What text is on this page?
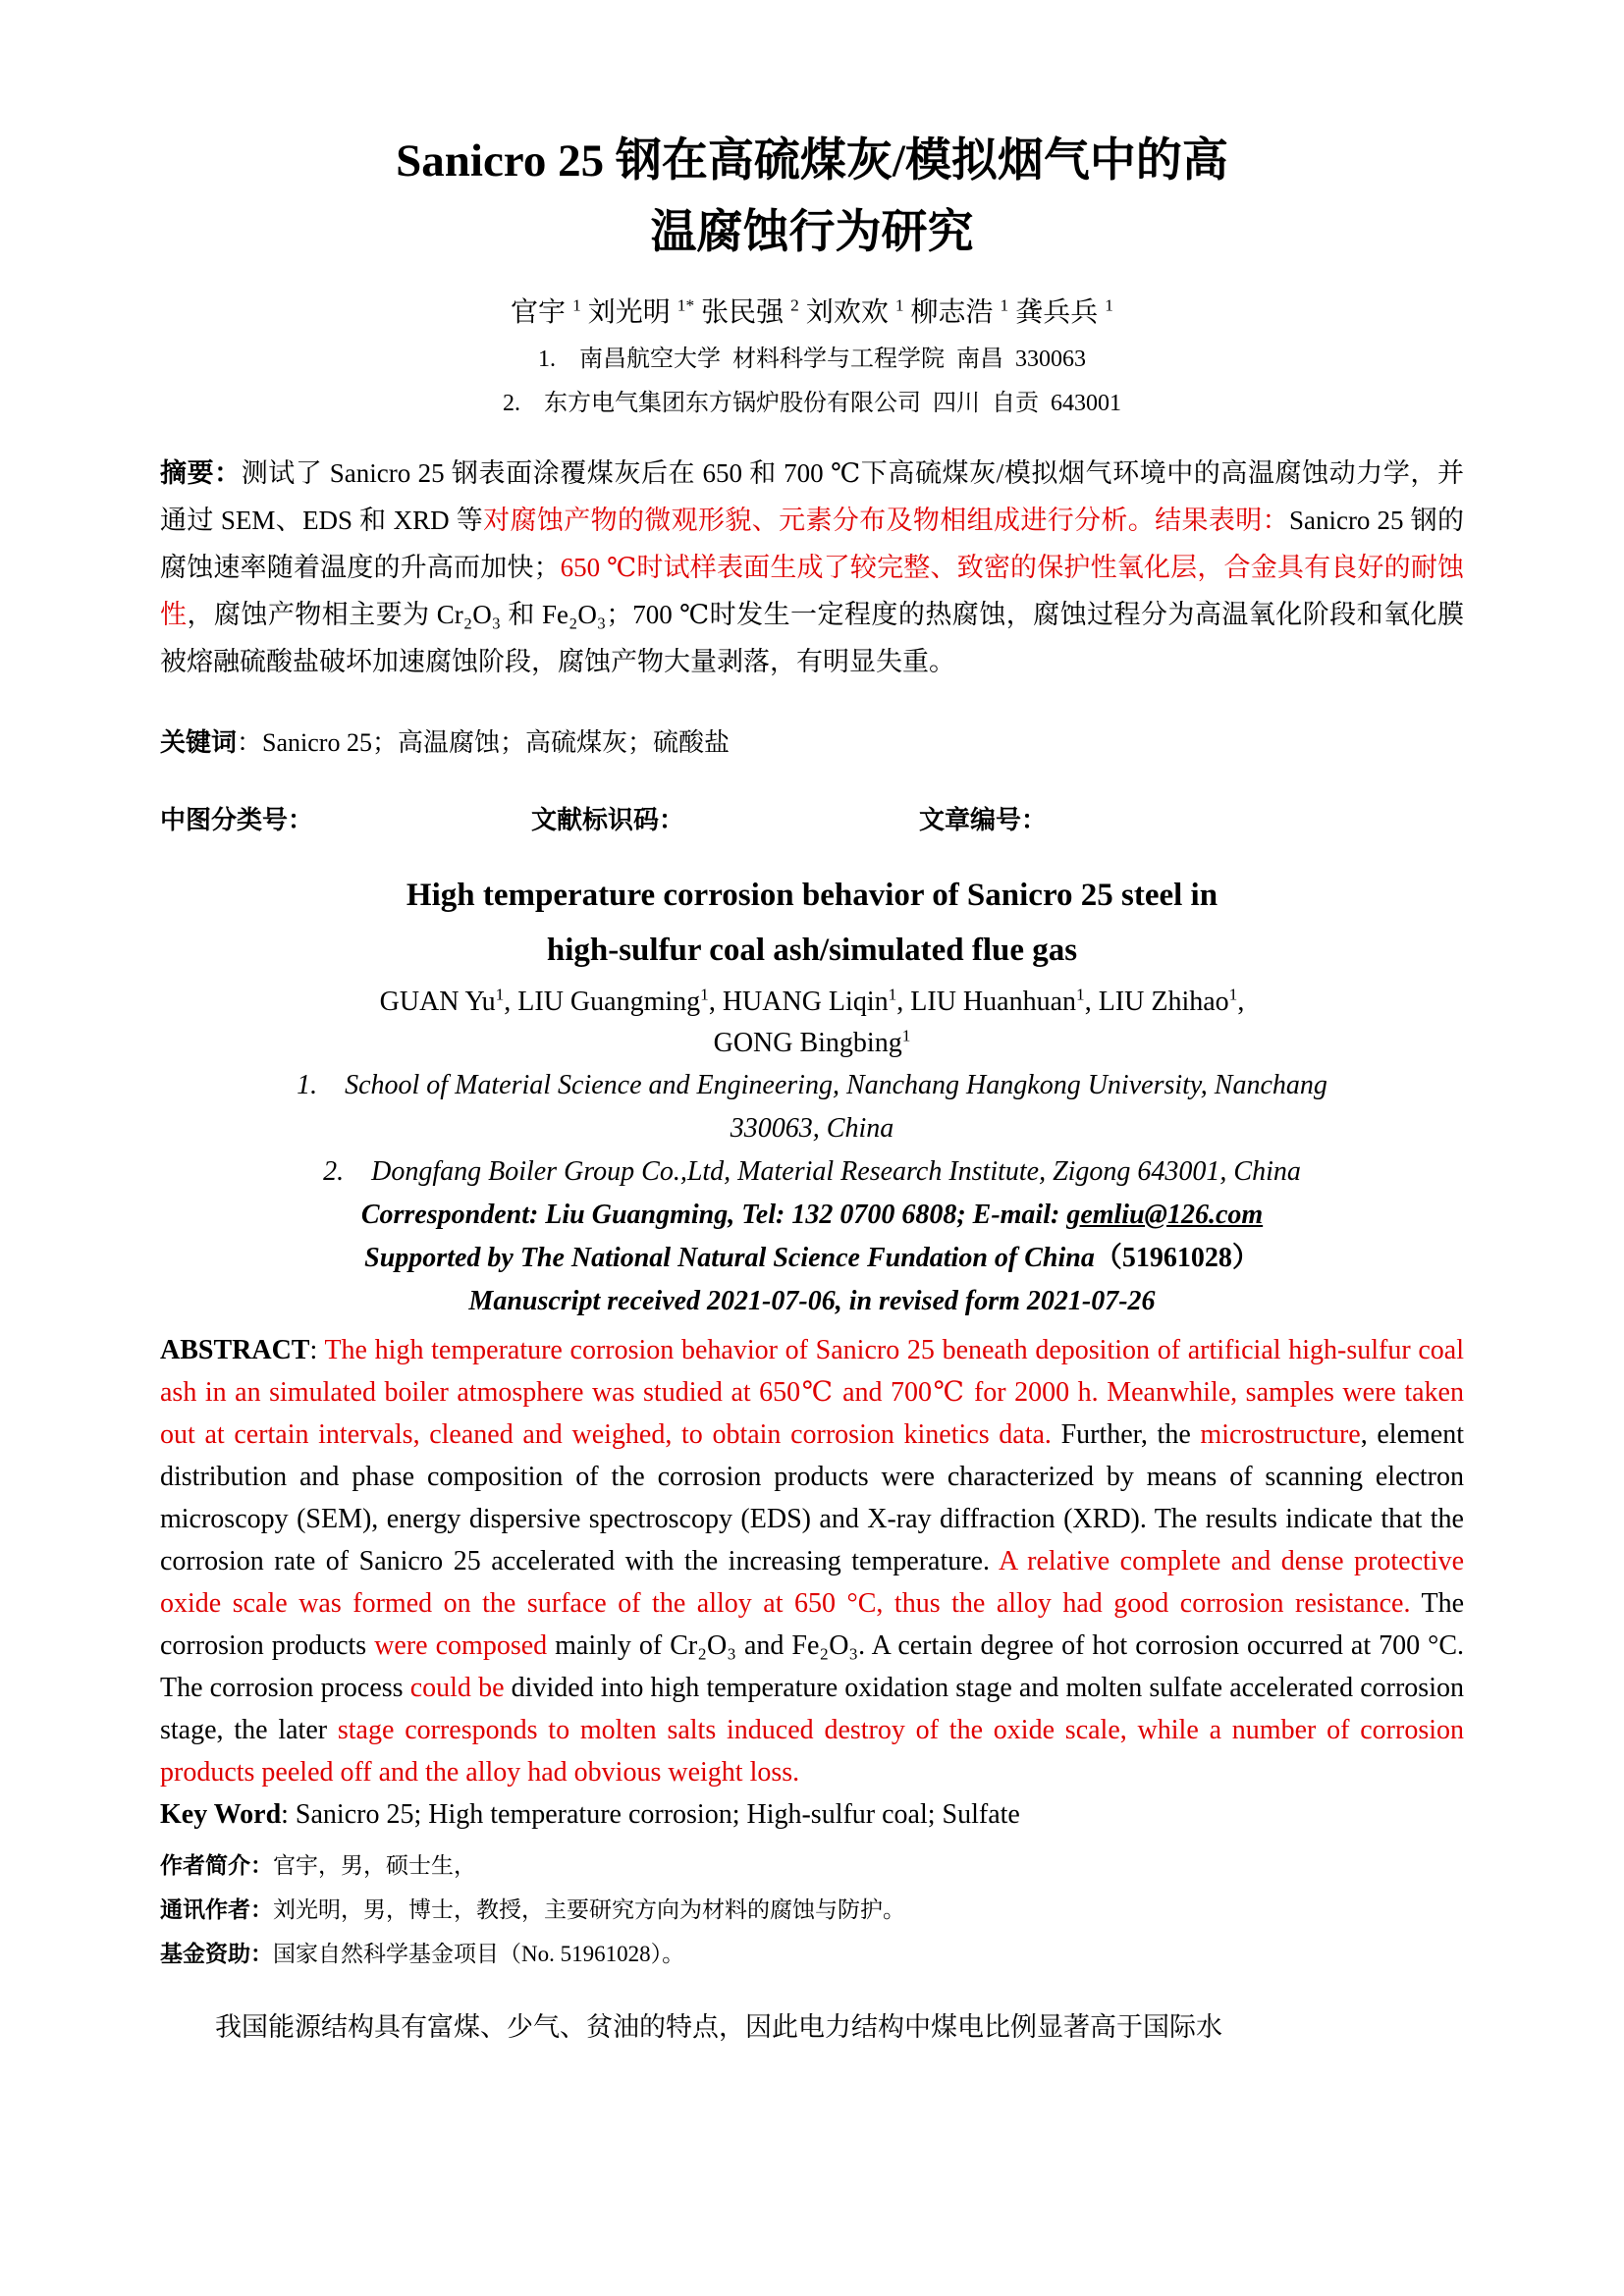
Sanicro 25 钢在高硫煤灰/模拟烟气中的高
温腐蚀行为研究
官宇 $^1$ 刘光明 $^{1*}$ 张民强 $^2$ 刘欢欢 $^1$ 柳志浩 $^1$ 龚兵兵 $^1$
1.    南昌航空大学  材料科学与工程学院  南昌  330063
2.    东方电气集团东方锅炉股份有限公司  四川  自贡  643001
摘要：测试了 Sanicro 25 钢表面涂覆煤灰后在 650 和 700 ℃下高硫煤灰/模拟烟气环境中的高温腐蚀动力学，并通过 SEM、EDS 和 XRD 等对腐蚀产物的微观形貌、元素分布及物相组成进行分析。结果表明：Sanicro 25 钢的腐蚀速率随着温度的升高而加快；650 ℃时试样表面生成了较完整、致密的保护性氧化层，合金具有良好的耐蚀性，腐蚀产物相主要为 Cr₂O₃ 和 Fe₂O₃；700 ℃时发生一定程度的热腐蚀，腐蚀过程分为高温氧化阶段和氧化膜被熔融硫酸盐破坏加速腐蚀阶段，腐蚀产物大量剥落，有明显失重。
关键词：Sanicro 25；高温腐蚀；高硫煤灰；硫酸盐
中图分类号：	文献标识码：	文章编号：
High temperature corrosion behavior of Sanicro 25 steel in
high-sulfur coal ash/simulated flue gas
GUAN Yu$^1$, LIU Guangming$^1$, HUANG Liqin$^1$, LIU Huanhuan$^1$, LIU Zhihao$^1$,
GONG Bingbing$^1$
1.    School of Material Science and Engineering, Nanchang Hangkong University, Nanchang
330063, China
2.    Dongfang Boiler Group Co.,Ltd, Material Research Institute, Zigong 643001, China
Correspondent: Liu Guangming, Tel: 132 0700 6808; E-mail: gemliu@126.com
Supported by The National Natural Science Fundation of China（51961028）
Manuscript received 2021-07-06, in revised form 2021-07-26
ABSTRACT: The high temperature corrosion behavior of Sanicro 25 beneath deposition of artificial high-sulfur coal ash in an simulated boiler atmosphere was studied at 650℃ and 700℃ for 2000 h. Meanwhile, samples were taken out at certain intervals, cleaned and weighed, to obtain corrosion kinetics data. Further, the microstructure, element distribution and phase composition of the corrosion products were characterized by means of scanning electron microscopy (SEM), energy dispersive spectroscopy (EDS) and X-ray diffraction (XRD). The results indicate that the corrosion rate of Sanicro 25 accelerated with the increasing temperature. A relative complete and dense protective oxide scale was formed on the surface of the alloy at 650 °C, thus the alloy had good corrosion resistance. The corrosion products were composed mainly of Cr₂O₃ and Fe₂O₃. A certain degree of hot corrosion occurred at 700 °C. The corrosion process could be divided into high temperature oxidation stage and molten sulfate accelerated corrosion stage, the later stage corresponds to molten salts induced destroy of the oxide scale, while a number of corrosion products peeled off and the alloy had obvious weight loss.
Key Word: Sanicro 25; High temperature corrosion; High-sulfur coal; Sulfate
作者简介：官宇，男，硕士生，
通讯作者：刘光明，男，博士，教授，主要研究方向为材料的腐蚀与防护。
基金资助：国家自然科学基金项目（No. 51961028）。
我国能源结构具有富煤、少气、贫油的特点，因此电力结构中煤电比例显著高于国际水
